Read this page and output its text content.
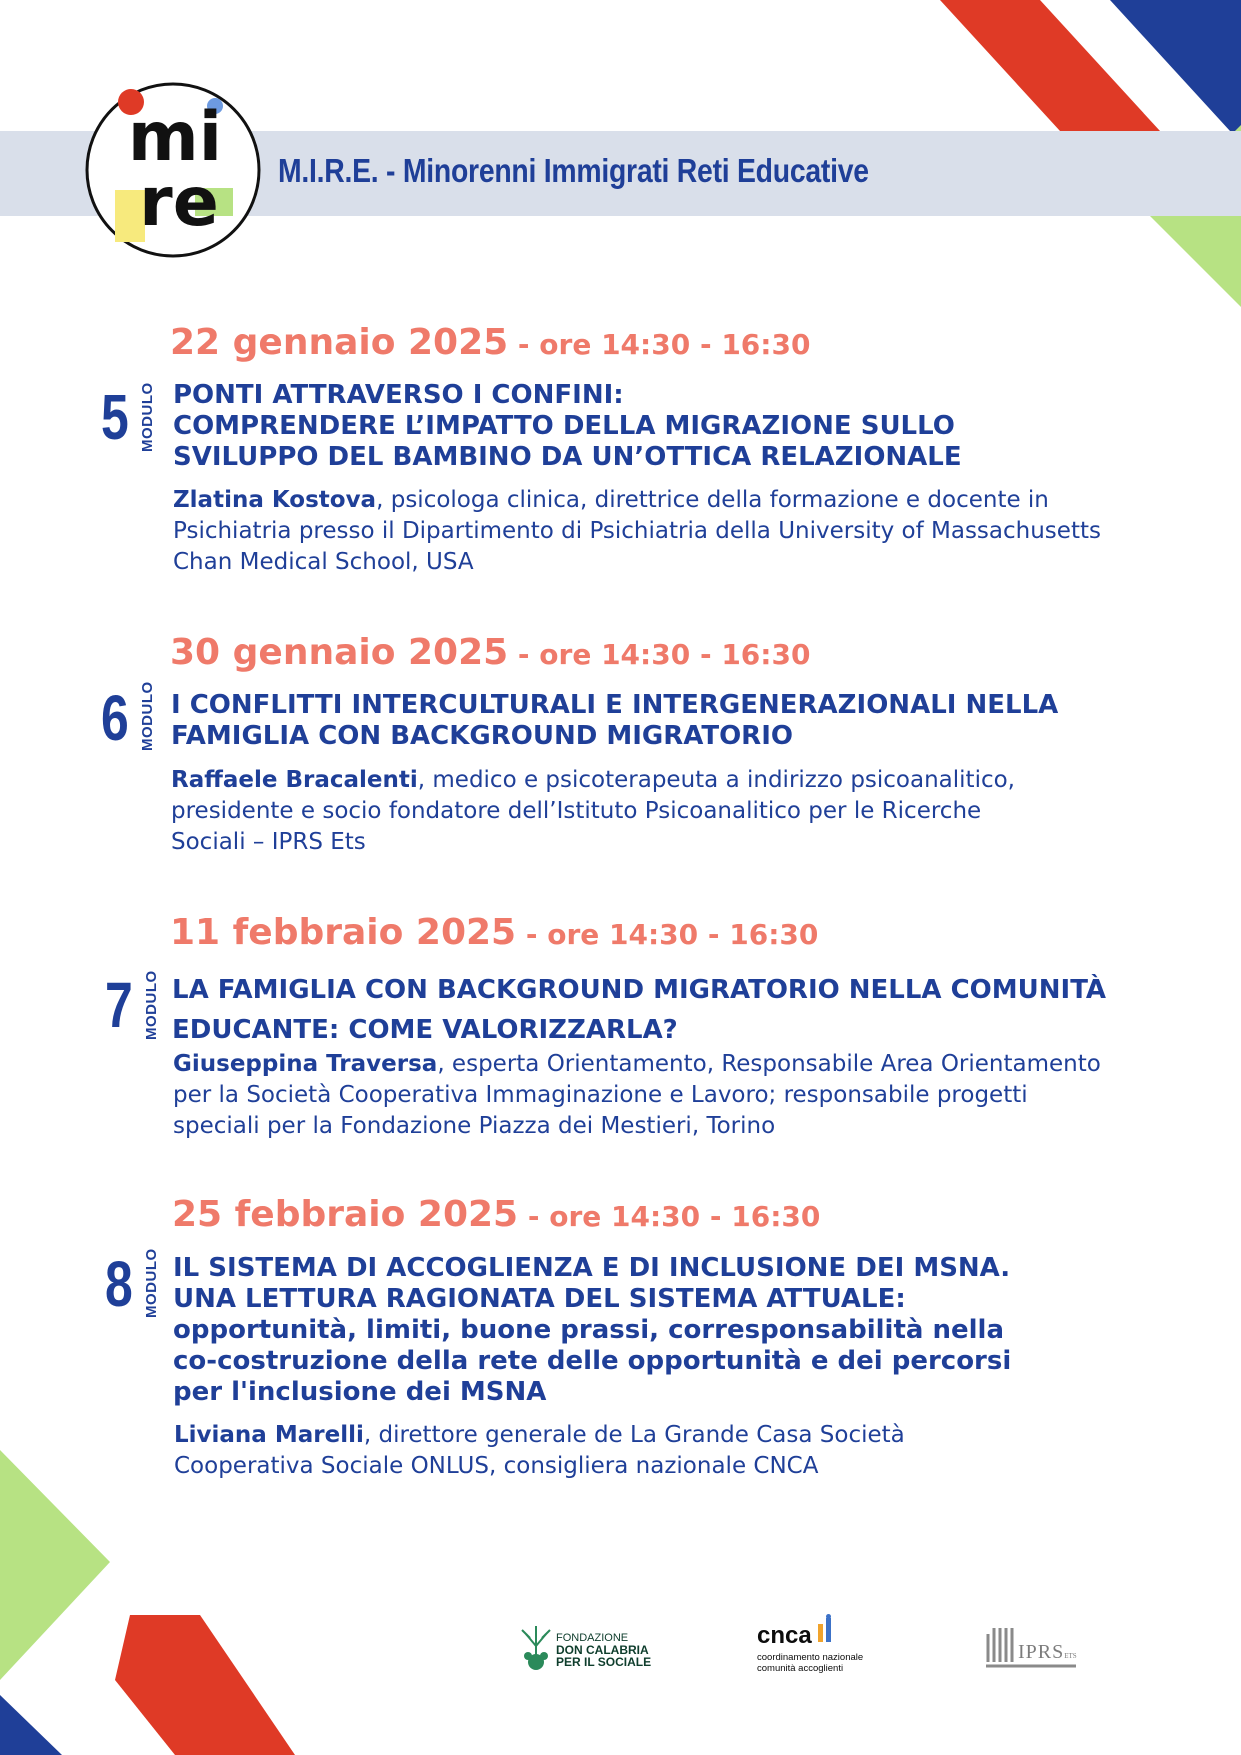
M.I.R.E. - Minorenni Immigrati Reti Educative
mi
re
22 gennaio 2025 - ore 14:30 - 16:30
5 MODULO PONTI ATTRAVERSO I CONFINI:
COMPRENDERE L’IMPATTO DELLA MIGRAZIONE SULLO
SVILUPPO DEL BAMBINO DA UN’OTTICA RELAZIONALE
Zlatina Kostova, psicologa clinica, direttrice della formazione e docente in
Psichiatria presso il Dipartimento di Psichiatria della University of Massachusetts
Chan Medical School, USA
30 gennaio 2025 - ore 14:30 - 16:30
6 MODULO I CONFLITTI INTERCULTURALI E INTERGENERAZIONALI NELLA
FAMIGLIA CON BACKGROUND MIGRATORIO
Raffaele Bracalenti, medico e psicoterapeuta a indirizzo psicoanalitico,
presidente e socio fondatore dell’Istituto Psicoanalitico per le Ricerche
Sociali – IPRS Ets
11 febbraio 2025 - ore 14:30 - 16:30
7 MODULO LA FAMIGLIA CON BACKGROUND MIGRATORIO NELLA COMUNITÀ
EDUCANTE: COME VALORIZZARLA?
Giuseppina Traversa, esperta Orientamento, Responsabile Area Orientamento
per la Società Cooperativa Immaginazione e Lavoro; responsabile progetti
speciali per la Fondazione Piazza dei Mestieri, Torino
25 febbraio 2025 - ore 14:30 - 16:30
8 MODULO IL SISTEMA DI ACCOGLIENZA E DI INCLUSIONE DEI MSNA.
UNA LETTURA RAGIONATA DEL SISTEMA ATTUALE:
opportunità, limiti, buone prassi, corresponsabilità nella
co-costruzione della rete delle opportunità e dei percorsi
per l'inclusione dei MSNA
Liviana Marelli, direttore generale de La Grande Casa Società
Cooperativa Sociale ONLUS, consigliera nazionale CNCA
FONDAZIONE
DON CALABRIA
PER IL SOCIALE
cnca
coordinamento nazionale
comunità accoglienti
IPRSETS
